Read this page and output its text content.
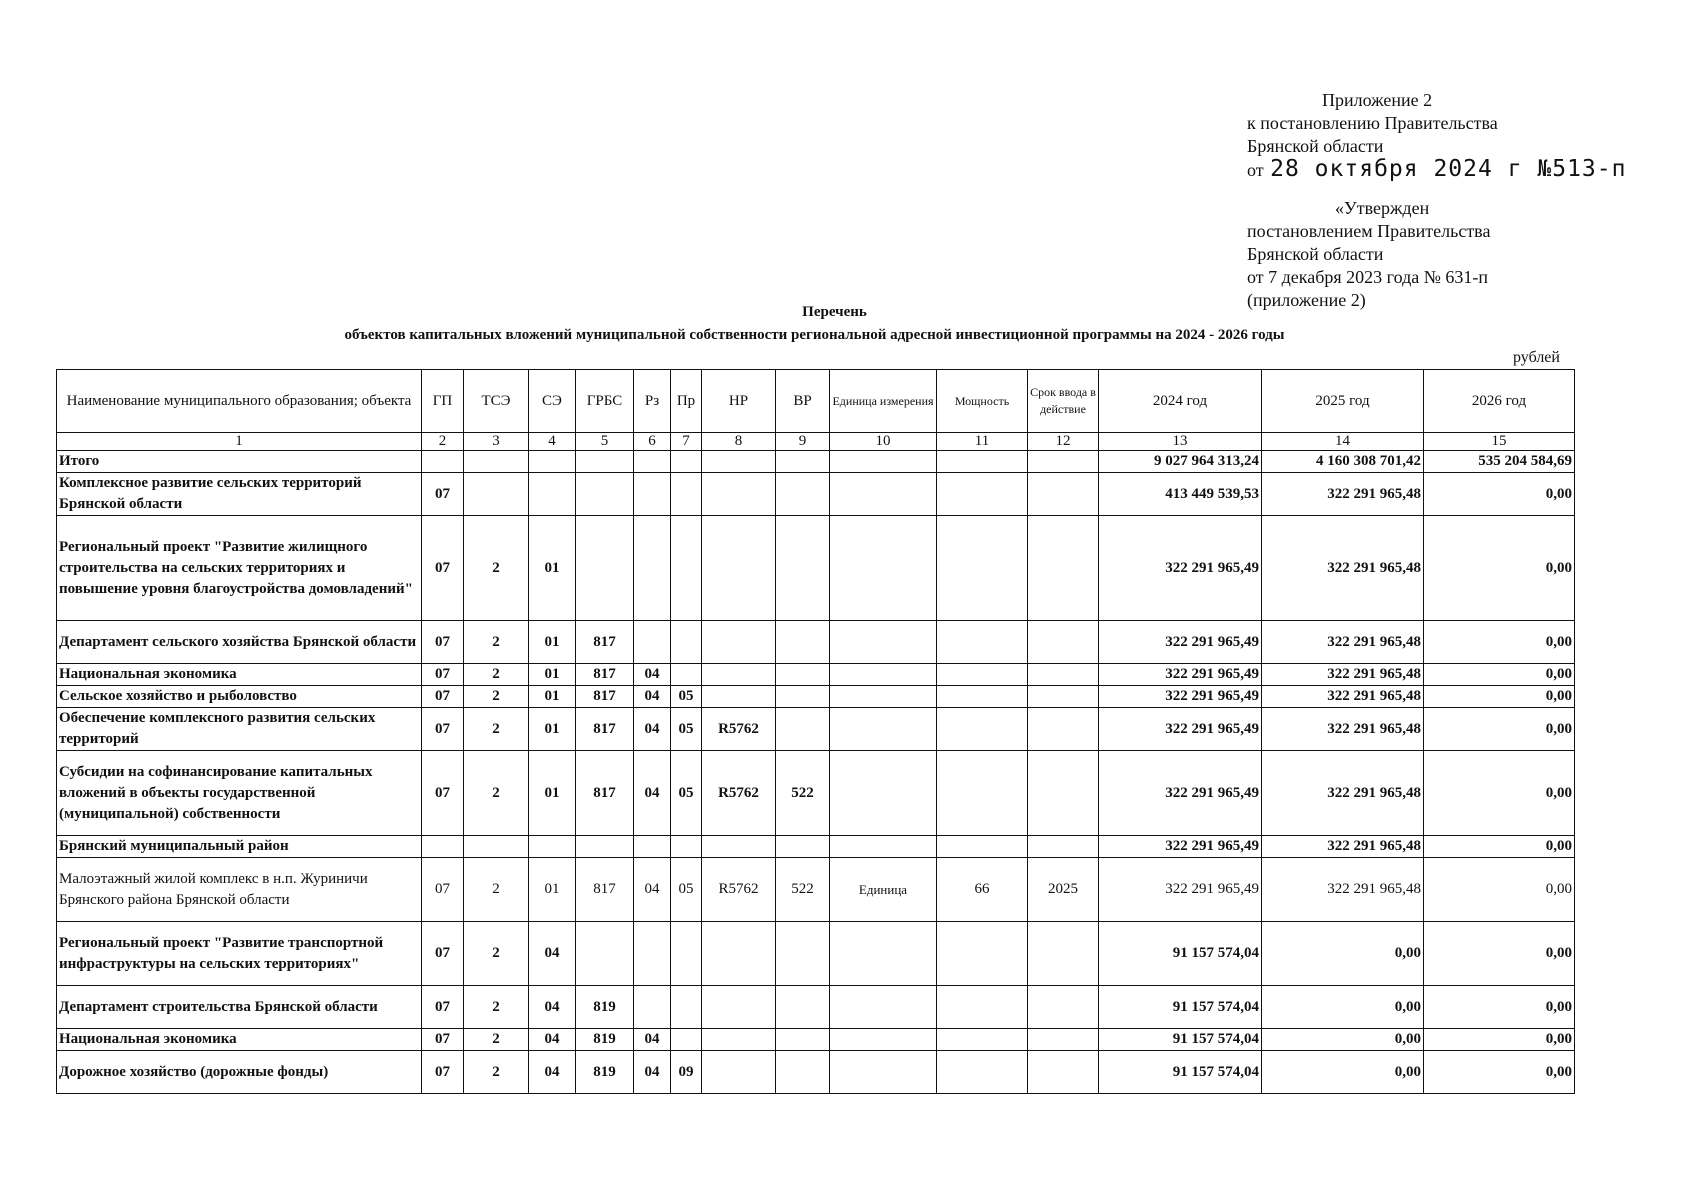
Приложение 2
к постановлению Правительства
Брянской области
от 28 октября 2024 г №513-п
«Утвержден
постановлением Правительства
Брянской области
от 7 декабря 2023 года № 631-п
(приложение 2)
Перечень
объектов капитальных вложений муниципальной собственности региональной адресной инвестиционной программы на 2024 - 2026 годы
рублей
Наименование муниципального образования; объекта	ГП	ТСЭ	СЭ	ГРБС	Рз	Пр	НР	ВР	Единица измерения	Мощность	Срок ввода в действие	2024 год	2025 год	2026 год
1	2	3	4	5	6	7	8	9	10	11	12	13	14	15
Итого												9 027 964 313,24	4 160 308 701,42	535 204 584,69
Комплексное развитие сельских территорий Брянской области	07											413 449 539,53	322 291 965,48	0,00
Региональный проект "Развитие жилищного строительства на сельских территориях и повышение уровня благоустройства домовладений"	07	2	01									322 291 965,49	322 291 965,48	0,00
Департамент сельского хозяйства Брянской области	07	2	01	817								322 291 965,49	322 291 965,48	0,00
Национальная экономика	07	2	01	817	04							322 291 965,49	322 291 965,48	0,00
Сельское хозяйство и рыболовство	07	2	01	817	04	05						322 291 965,49	322 291 965,48	0,00
Обеспечение комплексного развития сельских территорий	07	2	01	817	04	05	R5762					322 291 965,49	322 291 965,48	0,00
Субсидии на софинансирование капитальных вложений в объекты государственной (муниципальной) собственности	07	2	01	817	04	05	R5762	522				322 291 965,49	322 291 965,48	0,00
Брянский муниципальный район												322 291 965,49	322 291 965,48	0,00
Малоэтажный жилой комплекс в н.п. Журиничи Брянского района Брянской области	07	2	01	817	04	05	R5762	522	Единица	66	2025	322 291 965,49	322 291 965,48	0,00
Региональный проект "Развитие транспортной инфраструктуры на сельских территориях"	07	2	04									91 157 574,04	0,00	0,00
Департамент строительства Брянской области	07	2	04	819								91 157 574,04	0,00	0,00
Национальная экономика	07	2	04	819	04							91 157 574,04	0,00	0,00
Дорожное хозяйство (дорожные фонды)	07	2	04	819	04	09						91 157 574,04	0,00	0,00
